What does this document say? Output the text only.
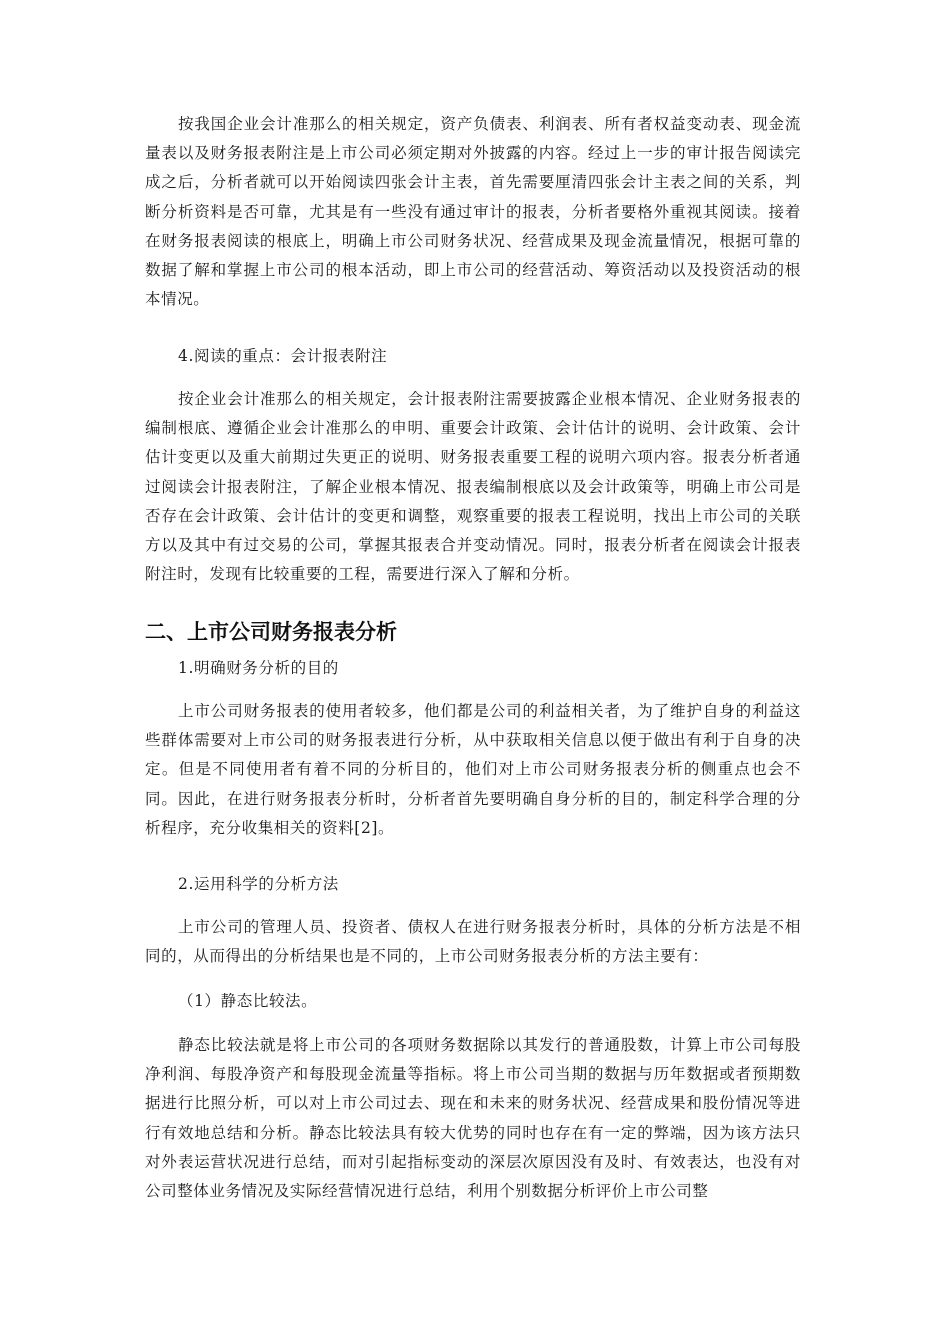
按我国企业会计准那么的相关规定，资产负债表、利润表、所有者权益变动表、现金流量表以及财务报表附注是上市公司必须定期对外披露的内容。经过上一步的审计报告阅读完成之后，分析者就可以开始阅读四张会计主表，首先需要厘清四张会计主表之间的关系，判断分析资料是否可靠，尤其是有一些没有通过审计的报表，分析者要格外重视其阅读。接着在财务报表阅读的根底上，明确上市公司财务状况、经营成果及现金流量情况，根据可靠的数据了解和掌握上市公司的根本活动，即上市公司的经营活动、筹资活动以及投资活动的根本情况。

4.阅读的重点：会计报表附注

按企业会计准那么的相关规定，会计报表附注需要披露企业根本情况、企业财务报表的编制根底、遵循企业会计准那么的申明、重要会计政策、会计估计的说明、会计政策、会计估计变更以及重大前期过失更正的说明、财务报表重要工程的说明六项内容。报表分析者通过阅读会计报表附注，了解企业根本情况、报表编制根底以及会计政策等，明确上市公司是否存在会计政策、会计估计的变更和调整，观察重要的报表工程说明，找出上市公司的关联方以及其中有过交易的公司，掌握其报表合并变动情况。同时，报表分析者在阅读会计报表附注时，发现有比较重要的工程，需要进行深入了解和分析。

二、上市公司财务报表分析

1.明确财务分析的目的

上市公司财务报表的使用者较多，他们都是公司的利益相关者，为了维护自身的利益这些群体需要对上市公司的财务报表进行分析，从中获取相关信息以便于做出有利于自身的决定。但是不同使用者有着不同的分析目的，他们对上市公司财务报表分析的侧重点也会不同。因此，在进行财务报表分析时，分析者首先要明确自身分析的目的，制定科学合理的分析程序，充分收集相关的资料[2]。

2.运用科学的分析方法

上市公司的管理人员、投资者、债权人在进行财务报表分析时，具体的分析方法是不相同的，从而得出的分析结果也是不同的，上市公司财务报表分析的方法主要有：

（1）静态比较法。

静态比较法就是将上市公司的各项财务数据除以其发行的普通股数，计算上市公司每股净利润、每股净资产和每股现金流量等指标。将上市公司当期的数据与历年数据或者预期数据进行比照分析，可以对上市公司过去、现在和未来的财务状况、经营成果和股份情况等进行有效地总结和分析。静态比较法具有较大优势的同时也存在有一定的弊端，因为该方法只对外表运营状况进行总结，而对引起指标变动的深层次原因没有及时、有效表达，也没有对公司整体业务情况及实际经营情况进行总结，利用个别数据分析评价上市公司整
